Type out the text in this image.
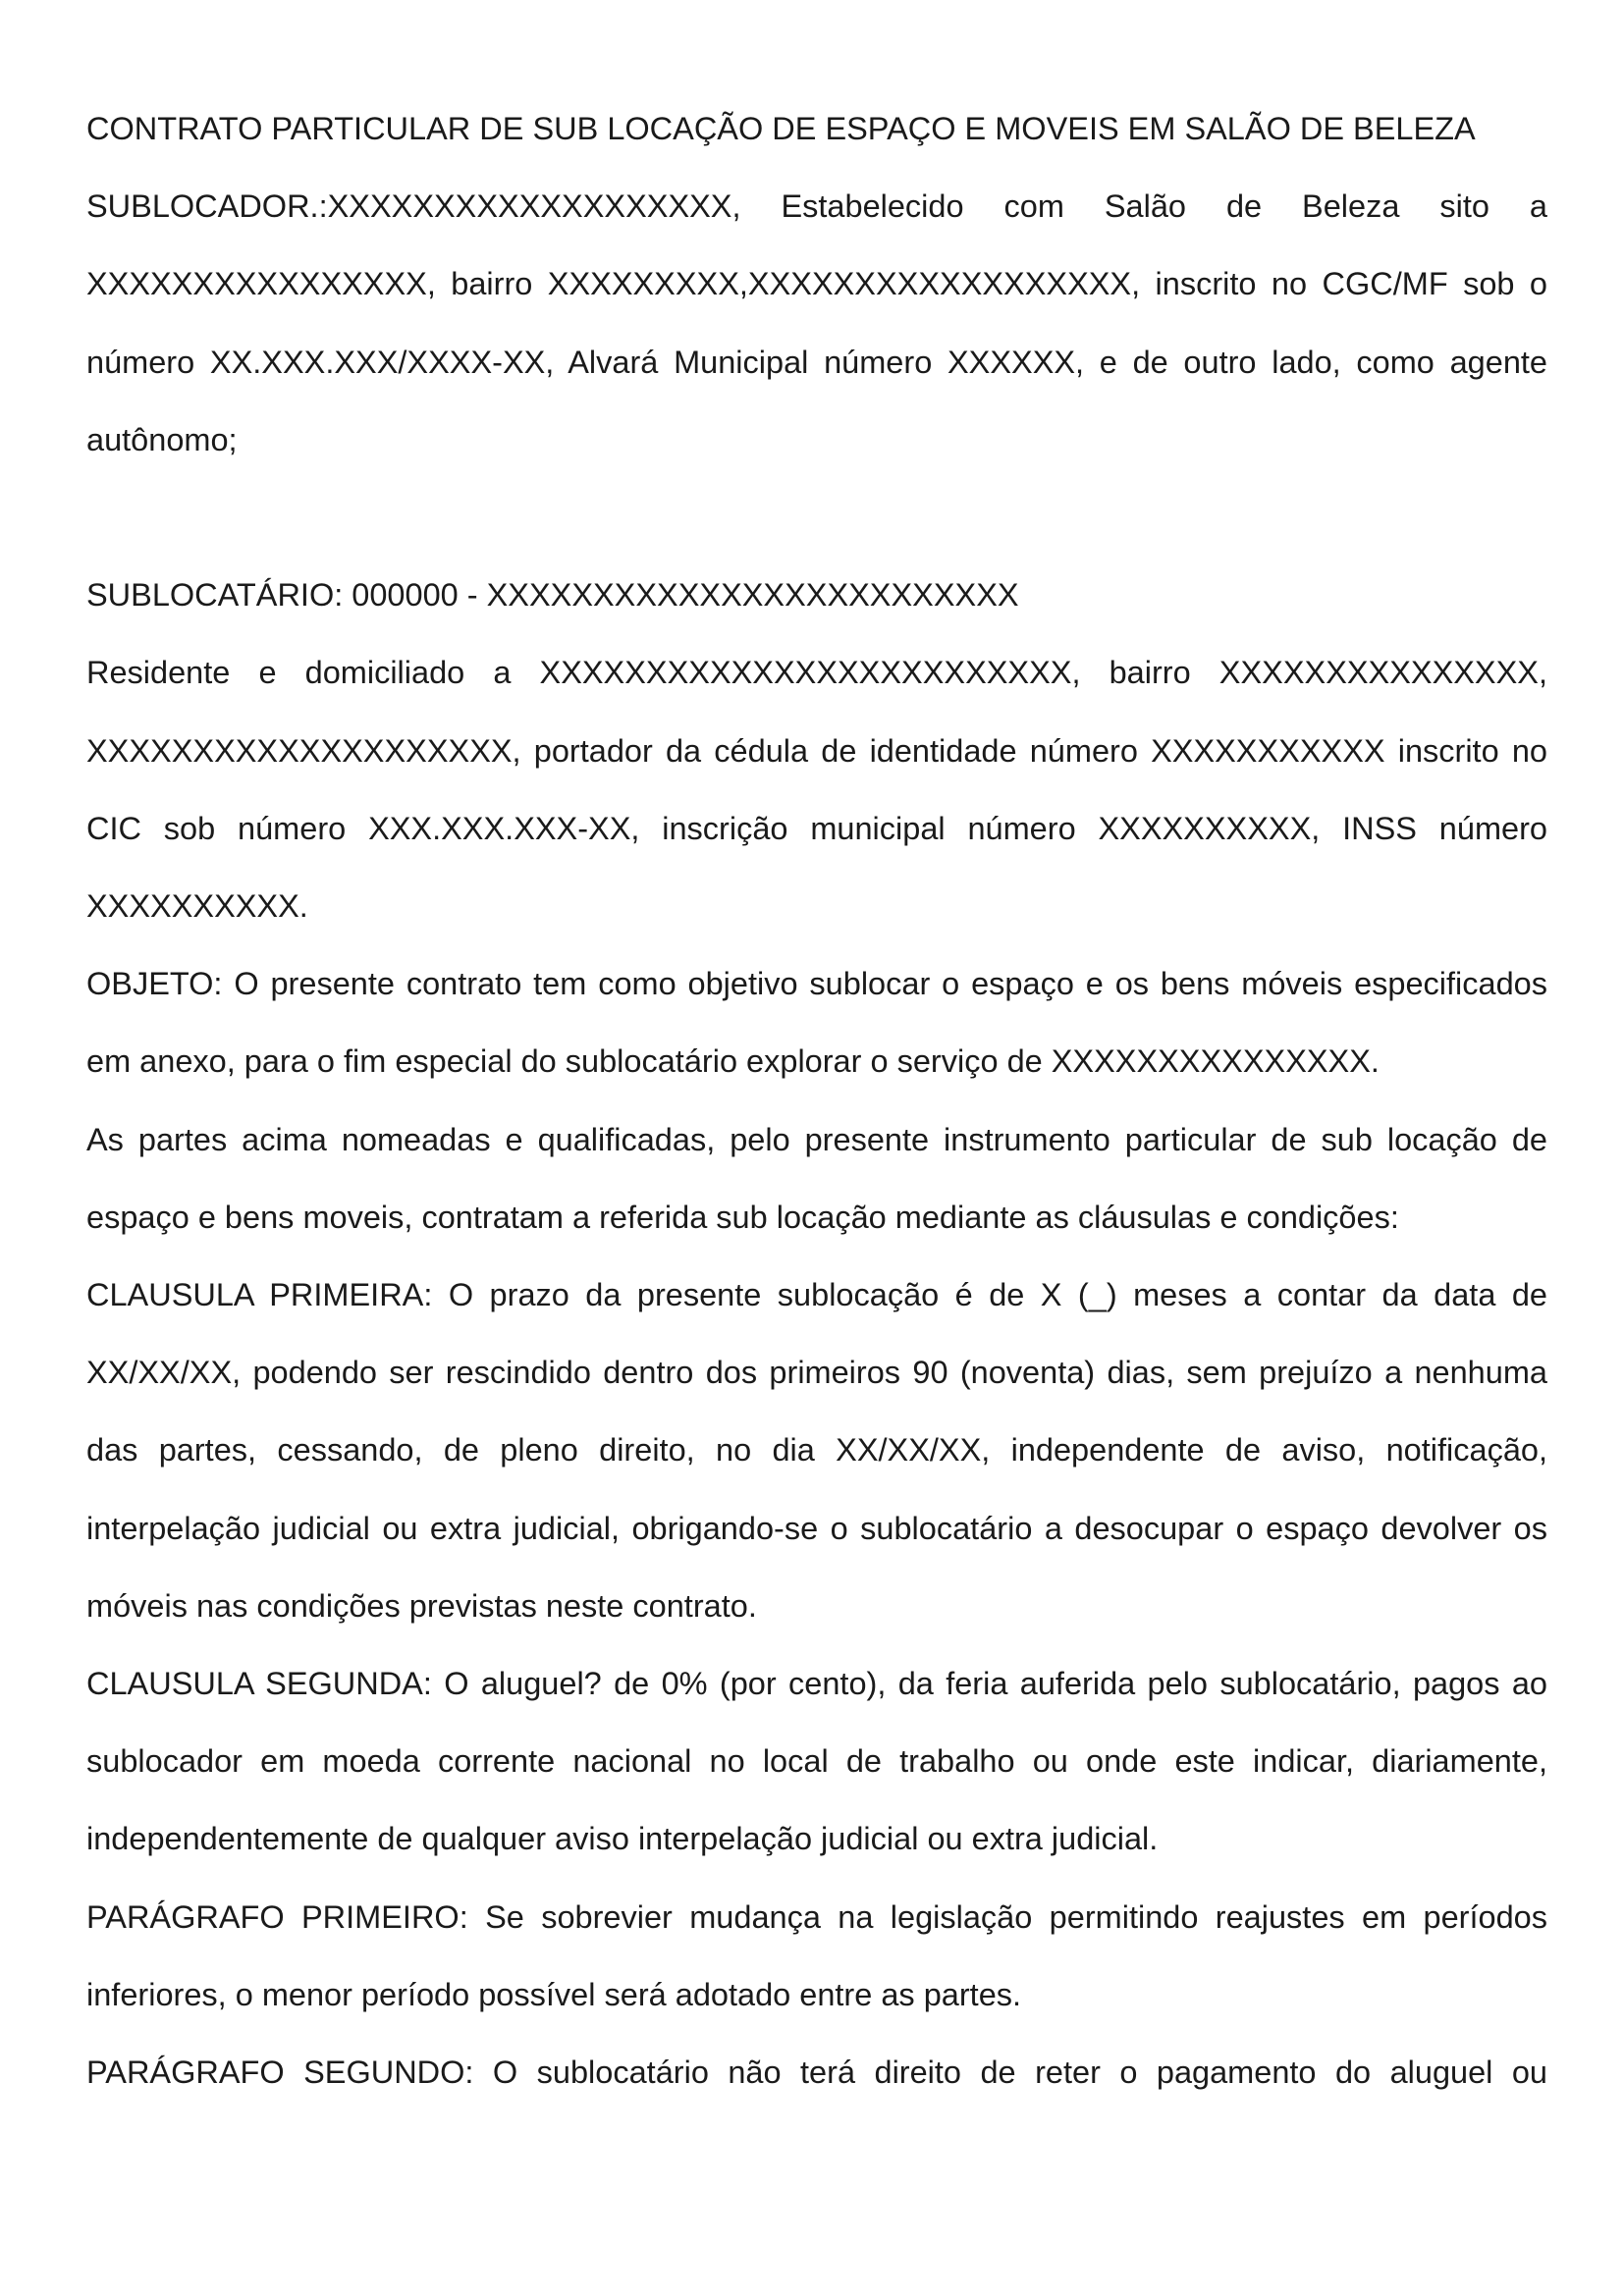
CONTRATO PARTICULAR DE SUB LOCAÇÃO DE ESPAÇO E MOVEIS EM SALÃO DE BELEZA

SUBLOCADOR.:XXXXXXXXXXXXXXXXXXX, Estabelecido com Salão de Beleza sito a XXXXXXXXXXXXXXXX, bairro XXXXXXXXX,XXXXXXXXXXXXXXXXXX, inscrito no CGC/MF sob o número XX.XXX.XXX/XXXX-XX, Alvará Municipal número XXXXXX, e de outro lado, como agente autônomo;

SUBLOCATÁRIO: 000000 - XXXXXXXXXXXXXXXXXXXXXXXXX

Residente e domiciliado a XXXXXXXXXXXXXXXXXXXXXXXXX, bairro XXXXXXXXXXXXXXX, XXXXXXXXXXXXXXXXXXXX, portador da cédula de identidade número XXXXXXXXXXX inscrito no CIC sob número XXX.XXX.XXX-XX, inscrição municipal número XXXXXXXXXX, INSS número XXXXXXXXXX.

OBJETO: O presente contrato tem como objetivo sublocar o espaço e os bens móveis especificados em anexo, para o fim especial do sublocatário explorar o serviço de XXXXXXXXXXXXXXX.

As partes acima nomeadas e qualificadas, pelo presente instrumento particular de sub locação de espaço e bens moveis, contratam a referida sub locação mediante as cláusulas e condições:

CLAUSULA PRIMEIRA: O prazo da presente sublocação é de X (_) meses a contar da data de XX/XX/XX, podendo ser rescindido dentro dos primeiros 90 (noventa) dias, sem prejuízo a nenhuma das partes, cessando, de pleno direito, no dia XX/XX/XX, independente de aviso, notificação, interpelação judicial ou extra judicial, obrigando-se o sublocatário a desocupar o espaço devolver os móveis nas condições previstas neste contrato.

CLAUSULA SEGUNDA: O aluguel? de 0% (por cento), da feria auferida pelo sublocatário, pagos ao sublocador em moeda corrente nacional no local de trabalho ou onde este indicar, diariamente, independentemente de qualquer aviso interpelação judicial ou extra judicial.

PARÁGRAFO PRIMEIRO: Se sobrevier mudança na legislação permitindo reajustes em períodos inferiores, o menor período possível será adotado entre as partes.

PARÁGRAFO SEGUNDO: O sublocatário não terá direito de reter o pagamento do aluguel ou
